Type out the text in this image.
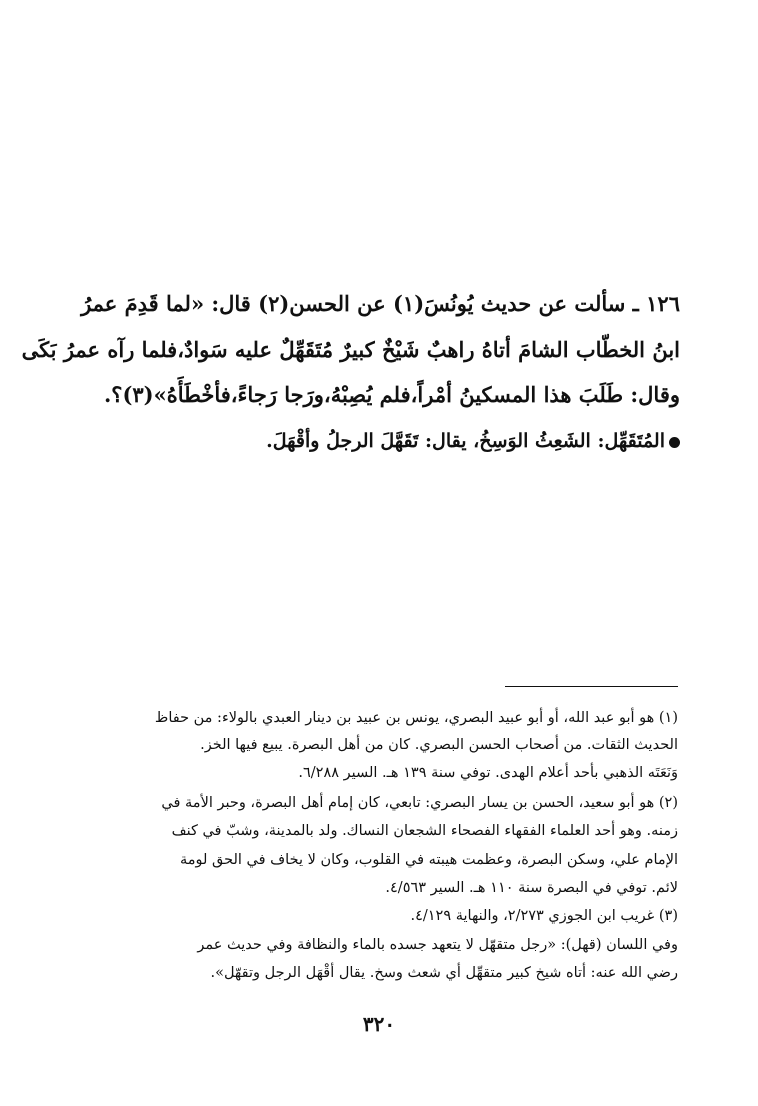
١٢٦ ـ سألت عن حديث يُونُسَ(١) عن الحسن(٢) قال: «لما قَدِمَ عمرُ
ابنُ الخطّاب الشامَ أتاهُ راهبٌ شَيْخٌ كبيرٌ مُتَقَهِّلٌ عليه سَوادٌ،فلما رآه عمرُ بَكَى
وقال: طَلَبَ هذا المسكينُ أمْراً،فلم يُصِبْهُ،ورَجا رَجاءً،فأخْطَأَهُ»(٣)؟.
المُتَقَهِّل: الشَعِثُ الوَسِخُ، يقال: تَقَهَّلَ الرجلُ وأقْهَلَ.
(١) هو أبو عبد الله، أو أبو عبيد البصري، يونس بن عبيد بن دينار العبدي بالولاء: من حفاظ
الحديث الثقات. من أصحاب الحسن البصري. كان من أهل البصرة. يبيع فيها الخز.
وَنَعَتَه الذهبي بأحد أعلام الهدى. توفي سنة ١٣٩ هـ. السير ٦/٢٨٨.
(٢) هو أبو سعيد، الحسن بن يسار البصري: تابعي، كان إمام أهل البصرة، وحبر الأمة في
زمنه. وهو أحد العلماء الفقهاء الفصحاء الشجعان النساك. ولد بالمدينة، وشبّ في كنف
الإمام علي، وسكن البصرة، وعظمت هيبته في القلوب، وكان لا يخاف في الحق لومة
لائم. توفي في البصرة سنة ١١٠ هـ. السير ٤/٥٦٣.
(٣) غريب ابن الجوزي ٢/٢٧٣، والنهاية ٤/١٢٩.
وفي اللسان (قهل): «رجل متقهّل لا يتعهد جسده بالماء والنظافة وفي حديث عمر
رضي الله عنه: أتاه شيخ كبير متقهِّل أي شعث وسخ. يقال أقْهَل الرجل وتقهّل».
٣٢٠
